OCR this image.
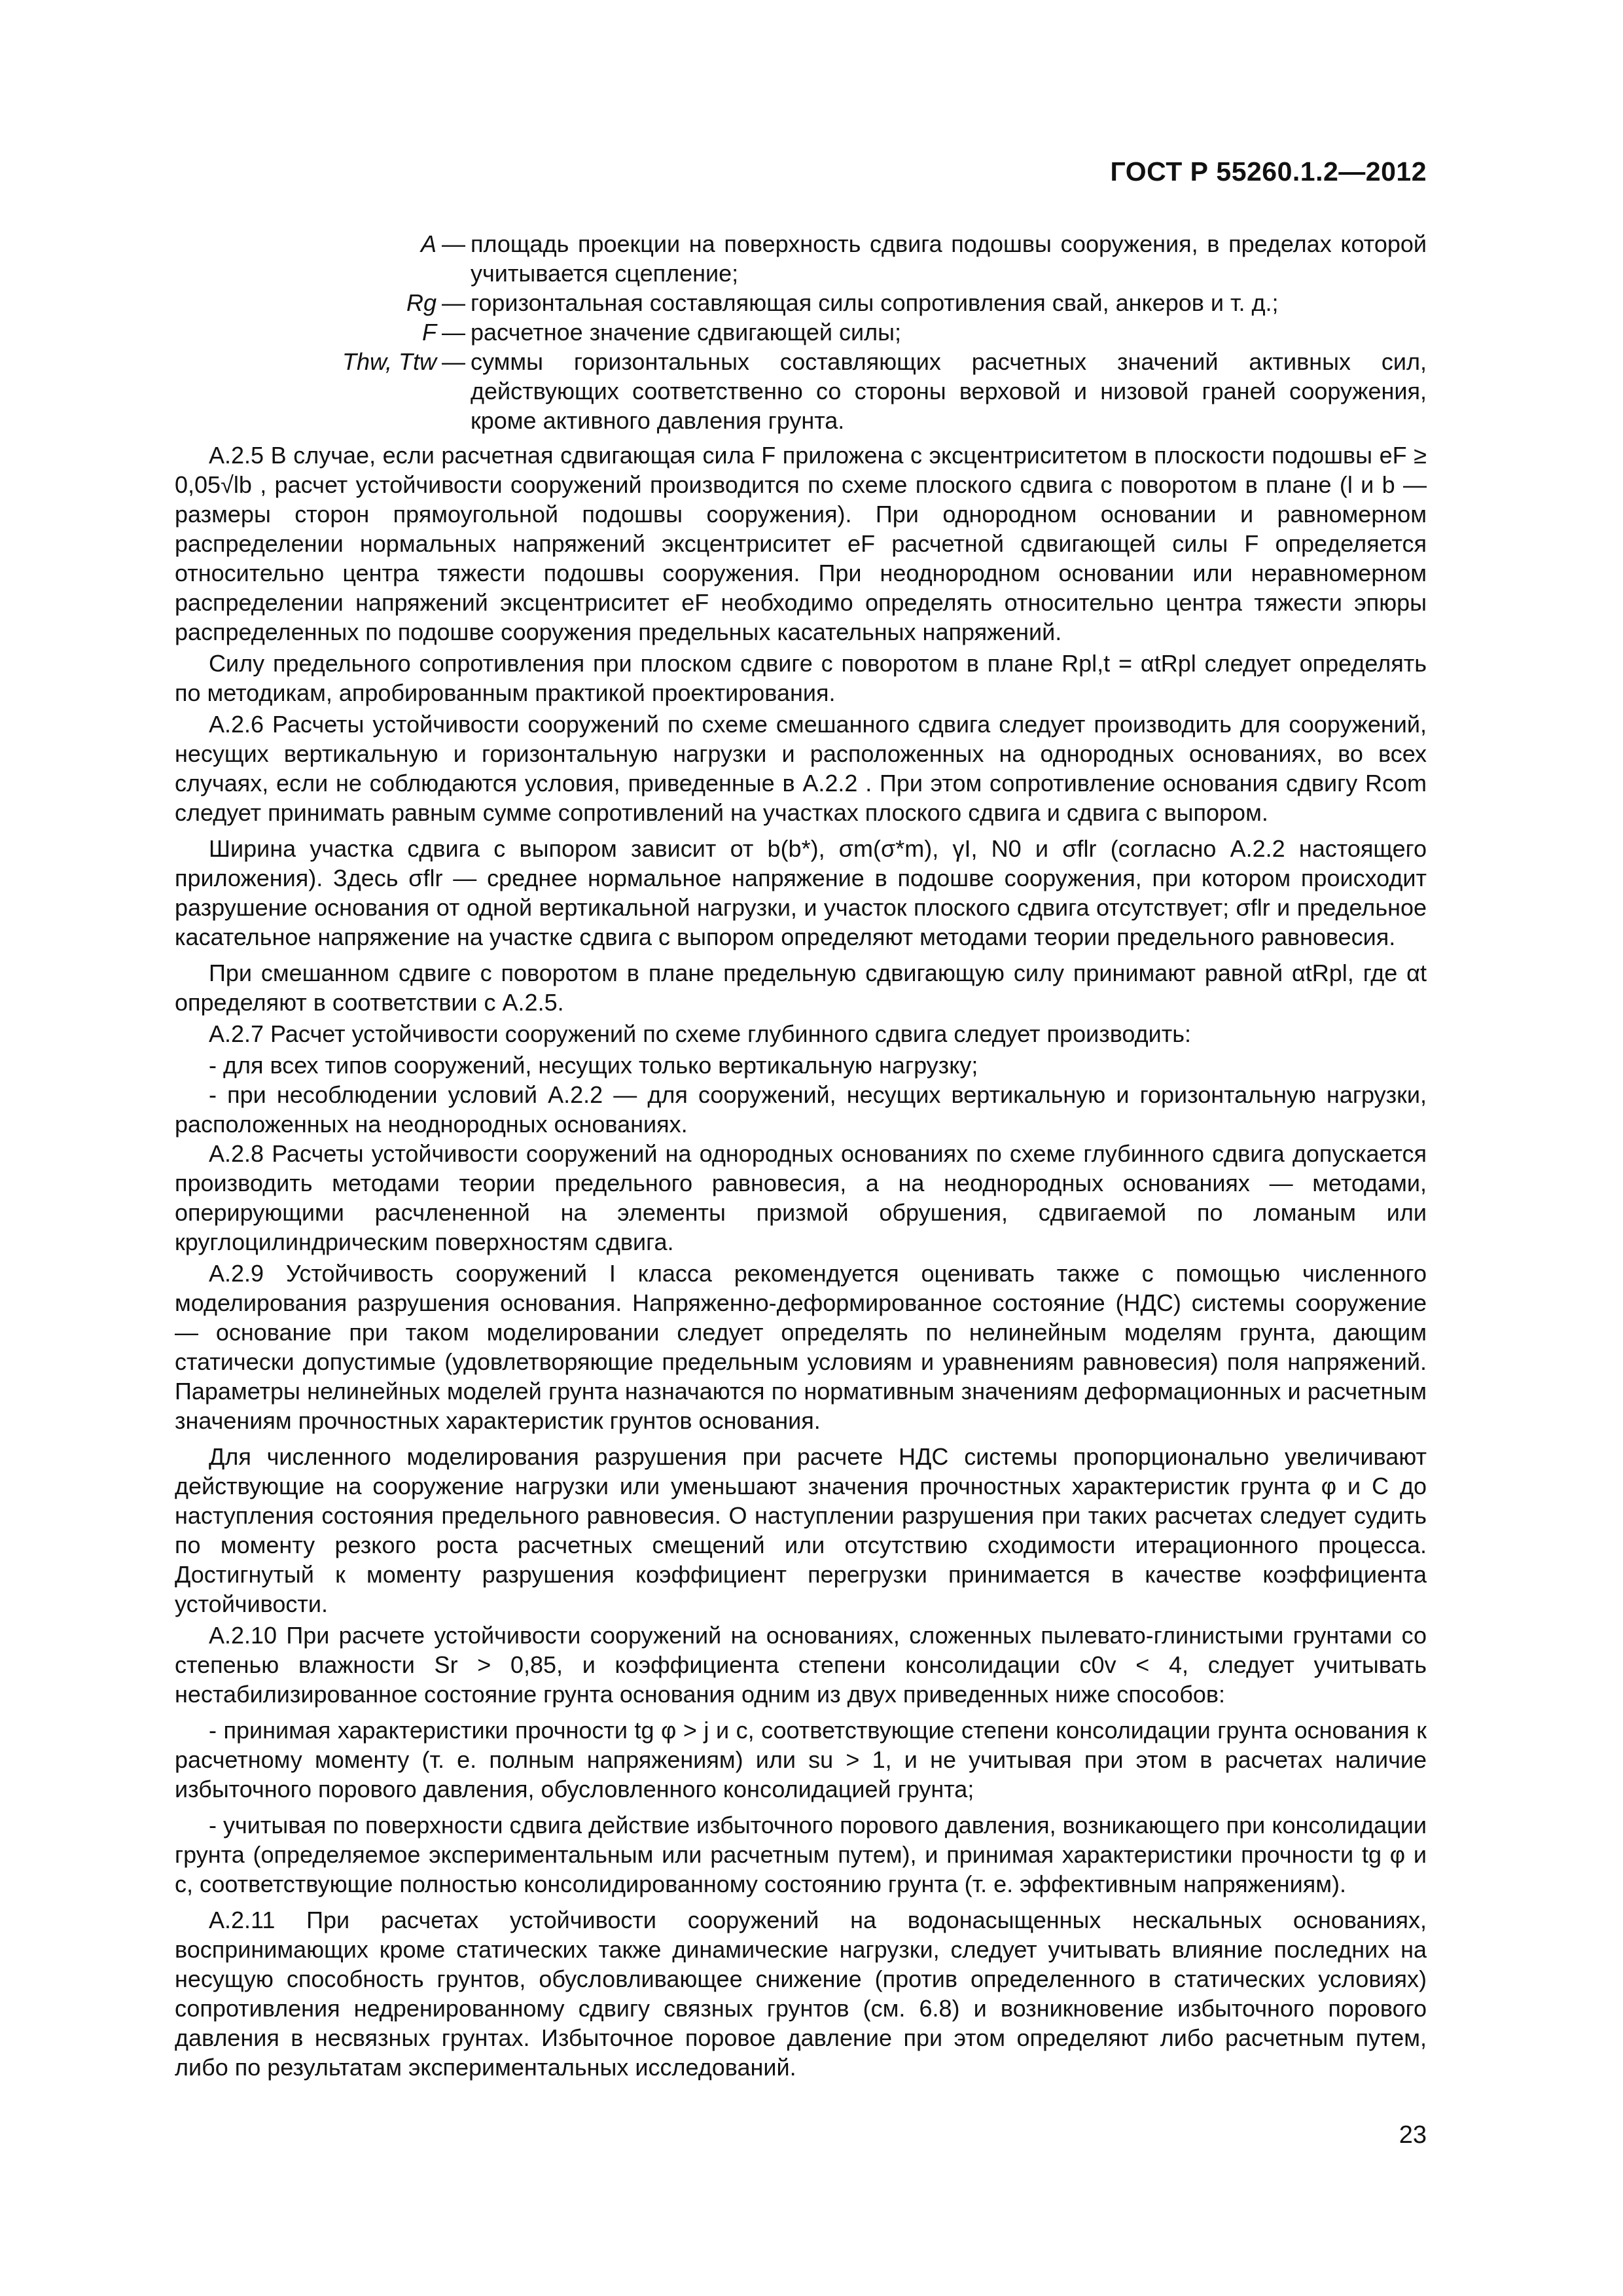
ГОСТ Р 55260.1.2—2012
A — площадь проекции на поверхность сдвига подошвы сооружения, в пределах которой учитывается сцепление;
Rg — горизонтальная составляющая силы сопротивления свай, анкеров и т. д.;
F — расчетное значение сдвигающей силы;
Thw, Ttw — суммы горизонтальных составляющих расчетных значений активных сил, действующих соответственно со стороны верховой и низовой граней сооружения, кроме активного давления грунта.

А.2.5 В случае, если расчетная сдвигающая сила F приложена с эксцентриситетом в плоскости подошвы eF ≥ 0,05√lb , расчет устойчивости сооружений производится по схеме плоского сдвига с поворотом в плане (l и b — размеры сторон прямоугольной подошвы сооружения). При однородном основании и равномерном распределении нормальных напряжений эксцентриситет eF расчетной сдвигающей силы F определяется относительно центра тяжести подошвы сооружения. При неоднородном основании или неравномерном распределении напряжений эксцентриситет eF необходимо определять относительно центра тяжести эпюры распределенных по подошве сооружения предельных касательных напряжений.

Силу предельного сопротивления при плоском сдвиге с поворотом в плане Rpl,t = αtRpl следует определять по методикам, апробированным практикой проектирования.

А.2.6 Расчеты устойчивости сооружений по схеме смешанного сдвига следует производить для сооружений, несущих вертикальную и горизонтальную нагрузки и расположенных на однородных основаниях, во всех случаях, если не соблюдаются условия, приведенные в А.2.2 . При этом сопротивление основания сдвигу Rcom следует принимать равным сумме сопротивлений на участках плоского сдвига и сдвига с выпором.

Ширина участка сдвига с выпором зависит от b(b*), σm(σ*m), γI, N0 и σflr (согласно А.2.2 настоящего приложения). Здесь σflr — среднее нормальное напряжение в подошве сооружения, при котором происходит разрушение основания от одной вертикальной нагрузки, и участок плоского сдвига отсутствует; σflr и предельное касательное напряжение на участке сдвига с выпором определяют методами теории предельного равновесия.

При смешанном сдвиге с поворотом в плане предельную сдвигающую силу принимают равной αtRpl, где αt определяют в соответствии с А.2.5.

А.2.7 Расчет устойчивости сооружений по схеме глубинного сдвига следует производить:

- для всех типов сооружений, несущих только вертикальную нагрузку;

- при несоблюдении условий А.2.2 — для сооружений, несущих вертикальную и горизонтальную нагрузки, расположенных на неоднородных основаниях.

А.2.8 Расчеты устойчивости сооружений на однородных основаниях по схеме глубинного сдвига допускается производить методами теории предельного равновесия, а на неоднородных основаниях — методами, оперирующими расчлененной на элементы призмой обрушения, сдвигаемой по ломаным или круглоцилиндрическим поверхностям сдвига.

А.2.9 Устойчивость сооружений I класса рекомендуется оценивать также с помощью численного моделирования разрушения основания. Напряженно-деформированное состояние (НДС) системы сооружение — основание при таком моделировании следует определять по нелинейным моделям грунта, дающим статически допустимые (удовлетворяющие предельным условиям и уравнениям равновесия) поля напряжений. Параметры нелинейных моделей грунта назначаются по нормативным значениям деформационных и расчетным значениям прочностных характеристик грунтов основания.

Для численного моделирования разрушения при расчете НДС системы пропорционально увеличивают действующие на сооружение нагрузки или уменьшают значения прочностных характеристик грунта φ и C до наступления состояния предельного равновесия. О наступлении разрушения при таких расчетах следует судить по моменту резкого роста расчетных смещений или отсутствию сходимости итерационного процесса. Достигнутый к моменту разрушения коэффициент перегрузки принимается в качестве коэффициента устойчивости.

А.2.10 При расчете устойчивости сооружений на основаниях, сложенных пылевато-глинистыми грунтами со степенью влажности Sr > 0,85, и коэффициента степени консолидации c0v < 4, следует учитывать нестабилизированное состояние грунта основания одним из двух приведенных ниже способов:

- принимая характеристики прочности tg φ > j и c, соответствующие степени консолидации грунта основания к расчетному моменту (т. е. полным напряжениям) или su > 1, и не учитывая при этом в расчетах наличие избыточного порового давления, обусловленного консолидацией грунта;

- учитывая по поверхности сдвига действие избыточного порового давления, возникающего при консолидации грунта (определяемое экспериментальным или расчетным путем), и принимая характеристики прочности tg φ и c, соответствующие полностью консолидированному состоянию грунта (т. е. эффективным напряжениям).

А.2.11 При расчетах устойчивости сооружений на водонасыщенных нескальных основаниях, воспринимающих кроме статических также динамические нагрузки, следует учитывать влияние последних на несущую способность грунтов, обусловливающее снижение (против определенного в статических условиях) сопротивления недренированному сдвигу связных грунтов (см. 6.8) и возникновение избыточного порового давления в несвязных грунтах. Избыточное поровое давление при этом определяют либо расчетным путем, либо по результатам экспериментальных исследований.

23
